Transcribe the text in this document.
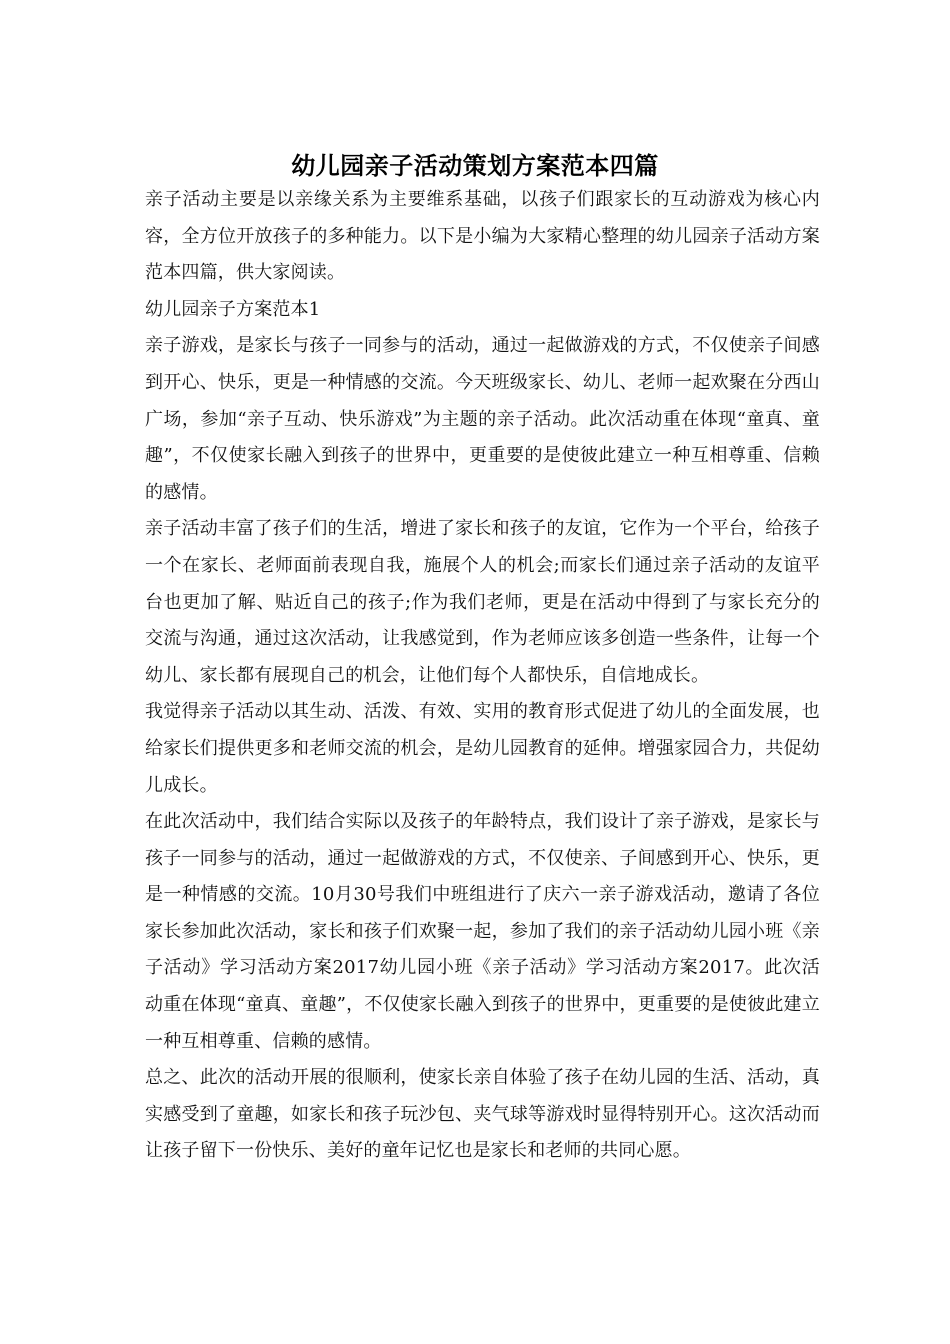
幼儿园亲子活动策划方案范本四篇

亲子活动主要是以亲缘关系为主要维系基础，以孩子们跟家长的互动游戏为核心内容，全方位开放孩子的多种能力。以下是小编为大家精心整理的幼儿园亲子活动方案范本四篇，供大家阅读。

幼儿园亲子方案范本1

亲子游戏，是家长与孩子一同参与的活动，通过一起做游戏的方式，不仅使亲子间感到开心、快乐，更是一种情感的交流。今天班级家长、幼儿、老师一起欢聚在分西山广场，参加“亲子互动、快乐游戏”为主题的亲子活动。此次活动重在体现“童真、童趣”，不仅使家长融入到孩子的世界中，更重要的是使彼此建立一种互相尊重、信赖的感情。

亲子活动丰富了孩子们的生活，增进了家长和孩子的友谊，它作为一个平台，给孩子一个在家长、老师面前表现自我，施展个人的机会;而家长们通过亲子活动的友谊平台也更加了解、贴近自己的孩子;作为我们老师，更是在活动中得到了与家长充分的交流与沟通，通过这次活动，让我感觉到，作为老师应该多创造一些条件，让每一个幼儿、家长都有展现自己的机会，让他们每个人都快乐，自信地成长。

我觉得亲子活动以其生动、活泼、有效、实用的教育形式促进了幼儿的全面发展，也给家长们提供更多和老师交流的机会，是幼儿园教育的延伸。增强家园合力，共促幼儿成长。

在此次活动中，我们结合实际以及孩子的年龄特点，我们设计了亲子游戏，是家长与孩子一同参与的活动，通过一起做游戏的方式，不仅使亲、子间感到开心、快乐，更是一种情感的交流。10月30号我们中班组进行了庆六一亲子游戏活动，邀请了各位家长参加此次活动，家长和孩子们欢聚一起，参加了我们的亲子活动幼儿园小班《亲子活动》学习活动方案2017幼儿园小班《亲子活动》学习活动方案2017。此次活动重在体现“童真、童趣”，不仅使家长融入到孩子的世界中，更重要的是使彼此建立一种互相尊重、信赖的感情。

总之、此次的活动开展的很顺利，使家长亲自体验了孩子在幼儿园的生活、活动，真实感受到了童趣，如家长和孩子玩沙包、夹气球等游戏时显得特别开心。这次活动而让孩子留下一份快乐、美好的童年记忆也是家长和老师的共同心愿。
